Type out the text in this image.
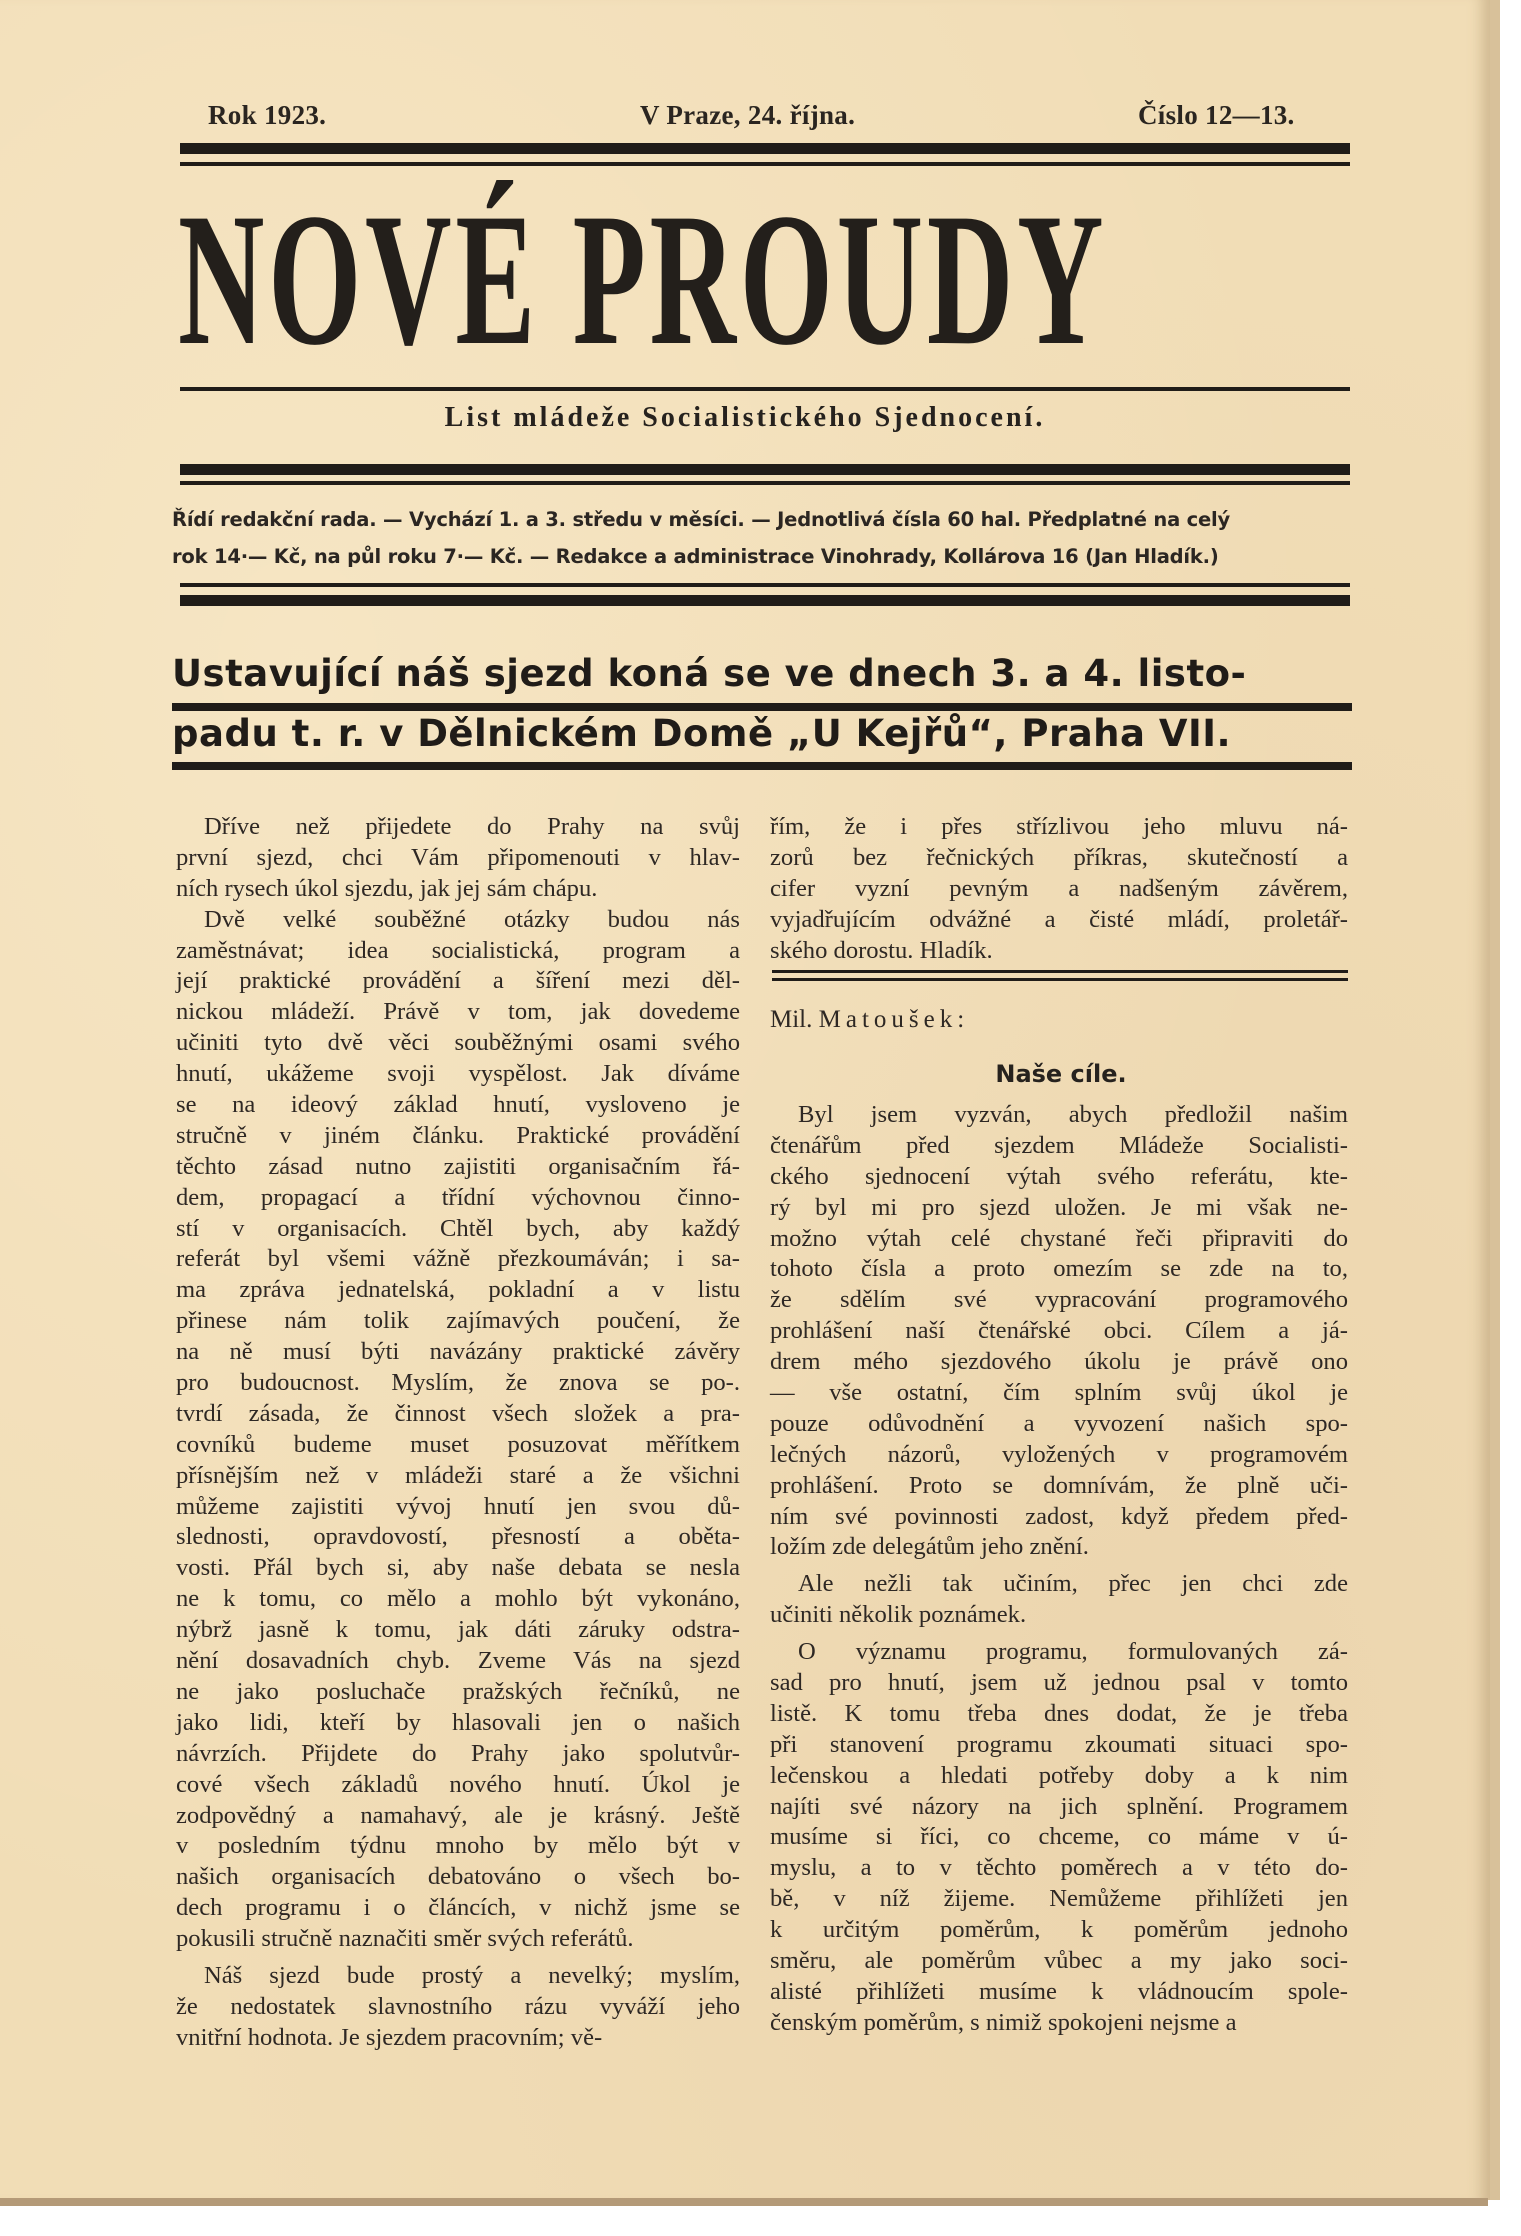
Rok 1923.	V Praze, 24. října.	Číslo 12—13.
NOVÉ PROUDY
List mládeže Socialistického Sjednocení.
Řídí redakční rada. — Vychází 1. a 3. středu v měsíci. — Jednotlivá čísla 60 hal. Předplatné na celý
rok 14·— Kč, na půl roku 7·— Kč. — Redakce a administrace Vinohrady, Kollárova 16 (Jan Hladík.)
Ustavující náš sjezd koná se ve dnech 3. a 4. listo-
padu t. r. v Dělnickém Domě „U Kejřů“, Praha VII.
Dříve než přijedete do Prahy na svůj
první sjezd, chci Vám připomenouti v hlav-
ních rysech úkol sjezdu, jak jej sám chápu.
Dvě velké souběžné otázky budou nás
zaměstnávat; idea socialistická, program a
její praktické provádění a šíření mezi děl-
nickou mládeží. Právě v tom, jak dovedeme
učiniti tyto dvě věci souběžnými osami svého
hnutí, ukážeme svoji vyspělost. Jak díváme
se na ideový základ hnutí, vysloveno je
stručně v jiném článku. Praktické provádění
těchto zásad nutno zajistiti organisačním řá-
dem, propagací a třídní výchovnou činno-
stí v organisacích. Chtěl bych, aby každý
referát byl všemi vážně přezkoumáván; i sa-
ma zpráva jednatelská, pokladní a v listu
přinese nám tolik zajímavých poučení, že
na ně musí býti navázány praktické závěry
pro budoucnost. Myslím, že znova se po-.
tvrdí zásada, že činnost všech složek a pra-
covníků budeme muset posuzovat měřítkem
přísnějším než v mládeži staré a že všichni
můžeme zajistiti vývoj hnutí jen svou dů-
slednosti, opravdovostí, přesností a oběta-
vosti. Přál bych si, aby naše debata se nesla
ne k tomu, co mělo a mohlo být vykonáno,
nýbrž jasně k tomu, jak dáti záruky odstra-
nění dosavadních chyb. Zveme Vás na sjezd
ne jako posluchače pražských řečníků, ne
jako lidi, kteří by hlasovali jen o našich
návrzích. Přijdete do Prahy jako spolutvůr-
cové všech základů nového hnutí. Úkol je
zodpovědný a namahavý, ale je krásný. Ještě
v posledním týdnu mnoho by mělo být v
našich organisacích debatováno o všech bo-
dech programu i o článcích, v nichž jsme se
pokusili stručně naznačiti směr svých referátů.
Náš sjezd bude prostý a nevelký; myslím,
že nedostatek slavnostního rázu vyváží jeho
vnitřní hodnota. Je sjezdem pracovním; vě-
řím, že i přes střízlivou jeho mluvu ná-
zorů bez řečnických příkras, skutečností a
cifer vyzní pevným a nadšeným závěrem,
vyjadřujícím odvážné a čisté mládí, proletář-
ského dorostu. Hladík.
Mil. Matoušek:
Naše cíle.
Byl jsem vyzván, abych předložil našim
čtenářům před sjezdem Mládeže Socialisti-
ckého sjednocení výtah svého referátu, kte-
rý byl mi pro sjezd uložen. Je mi však ne-
možno výtah celé chystané řeči připraviti do
tohoto čísla a proto omezím se zde na to,
že sdělím své vypracování programového
prohlášení naší čtenářské obci. Cílem a já-
drem mého sjezdového úkolu je právě ono
— vše ostatní, čím splním svůj úkol je
pouze odůvodnění a vyvození našich spo-
lečných názorů, vyložených v programovém
prohlášení. Proto se domnívám, že plně uči-
ním své povinnosti zadost, když předem před-
ložím zde delegátům jeho znění.
Ale nežli tak učiním, přec jen chci zde
učiniti několik poznámek.
O významu programu, formulovaných zá-
sad pro hnutí, jsem už jednou psal v tomto
listě. K tomu třeba dnes dodat, že je třeba
při stanovení programu zkoumati situaci spo-
lečenskou a hledati potřeby doby a k nim
najíti své názory na jich splnění. Programem
musíme si říci, co chceme, co máme v ú-
myslu, a to v těchto poměrech a v této do-
bě, v níž žijeme. Nemůžeme přihlížeti jen
k určitým poměrům, k poměrům jednoho
směru, ale poměrům vůbec a my jako soci-
alisté přihlížeti musíme k vládnoucím spole-
čenským poměrům, s nimiž spokojeni nejsme a
